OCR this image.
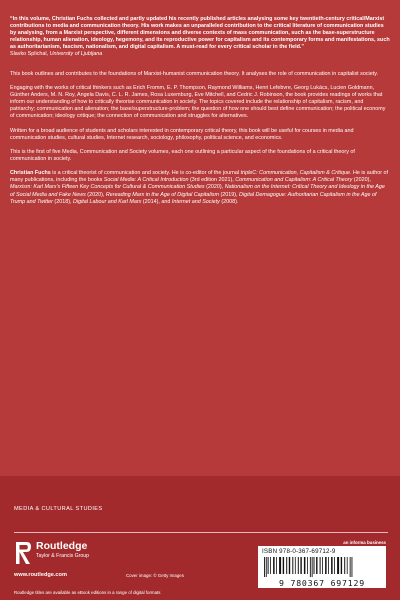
“In this volume, Christian Fuchs collected and partly updated his recently published articles analysing some key twentieth-century critical/Marxist contributions to media and communication theory. His work makes an unparalleled contribution to the critical literature of communication studies by analysing, from a Marxist perspective, different dimensions and diverse contexts of mass communication, such as the base-superstructure relationship, human alienation, ideology, hegemony, and its reproductive power for capitalism and its contemporary forms and manifestations, such as authoritarianism, fascism, nationalism, and digital capitalism. A must-read for every critical scholar in the field.”

Slavko Splichal, University of Ljubljana

This book outlines and contributes to the foundations of Marxist-humanist communication theory. It analyses the role of communication in capitalist society.

Engaging with the works of critical thinkers such as Erich Fromm, E. P. Thompson, Raymond Williams, Henri Lefebvre, Georg Lukács, Lucien Goldmann, Günther Anders, M. N. Roy, Angela Davis, C. L. R. James, Rosa Luxemburg, Eve Mitchell, and Cedric J. Robinson, the book provides readings of works that inform our understanding of how to critically theorise communication in society. The topics covered include the relationship of capitalism, racism, and patriarchy; communication and alienation; the base/superstructure-problem; the question of how one should best define communication; the political economy of communication; ideology critique; the connection of communication and struggles for alternatives.

Written for a broad audience of students and scholars interested in contemporary critical theory, this book will be useful for courses in media and communication studies, cultural studies, Internet research, sociology, philosophy, political science, and economics.

This is the first of five Media, Communication and Society volumes, each one outlining a particular aspect of the foundations of a critical theory of communication in society.

Christian Fuchs is a critical theorist of communication and society. He is co-editor of the journal tripleC: Communication, Capitalism & Critique. He is author of many publications, including the books Social Media: A Critical Introduction (3rd edition 2021), Communication and Capitalism: A Critical Theory (2020), Marxism: Karl Marx’s Fifteen Key Concepts for Cultural & Communication Studies (2020), Nationalism on the Internet: Critical Theory and Ideology in the Age of Social Media and Fake News (2020), Rereading Marx in the Age of Digital Capitalism (2019), Digital Demagogue: Authoritarian Capitalism in the Age of Trump and Twitter (2018), Digital Labour and Karl Marx (2014), and Internet and Society (2008).

MEDIA & CULTURAL STUDIES
Routledge
Taylor & Francis Group
www.routledge.com	Cover image: © Getty Images
an informa business
ISBN 978-0-367-69712-9
9 780367 697129
Routledge titles are available as eBook editions in a range of digital formats
